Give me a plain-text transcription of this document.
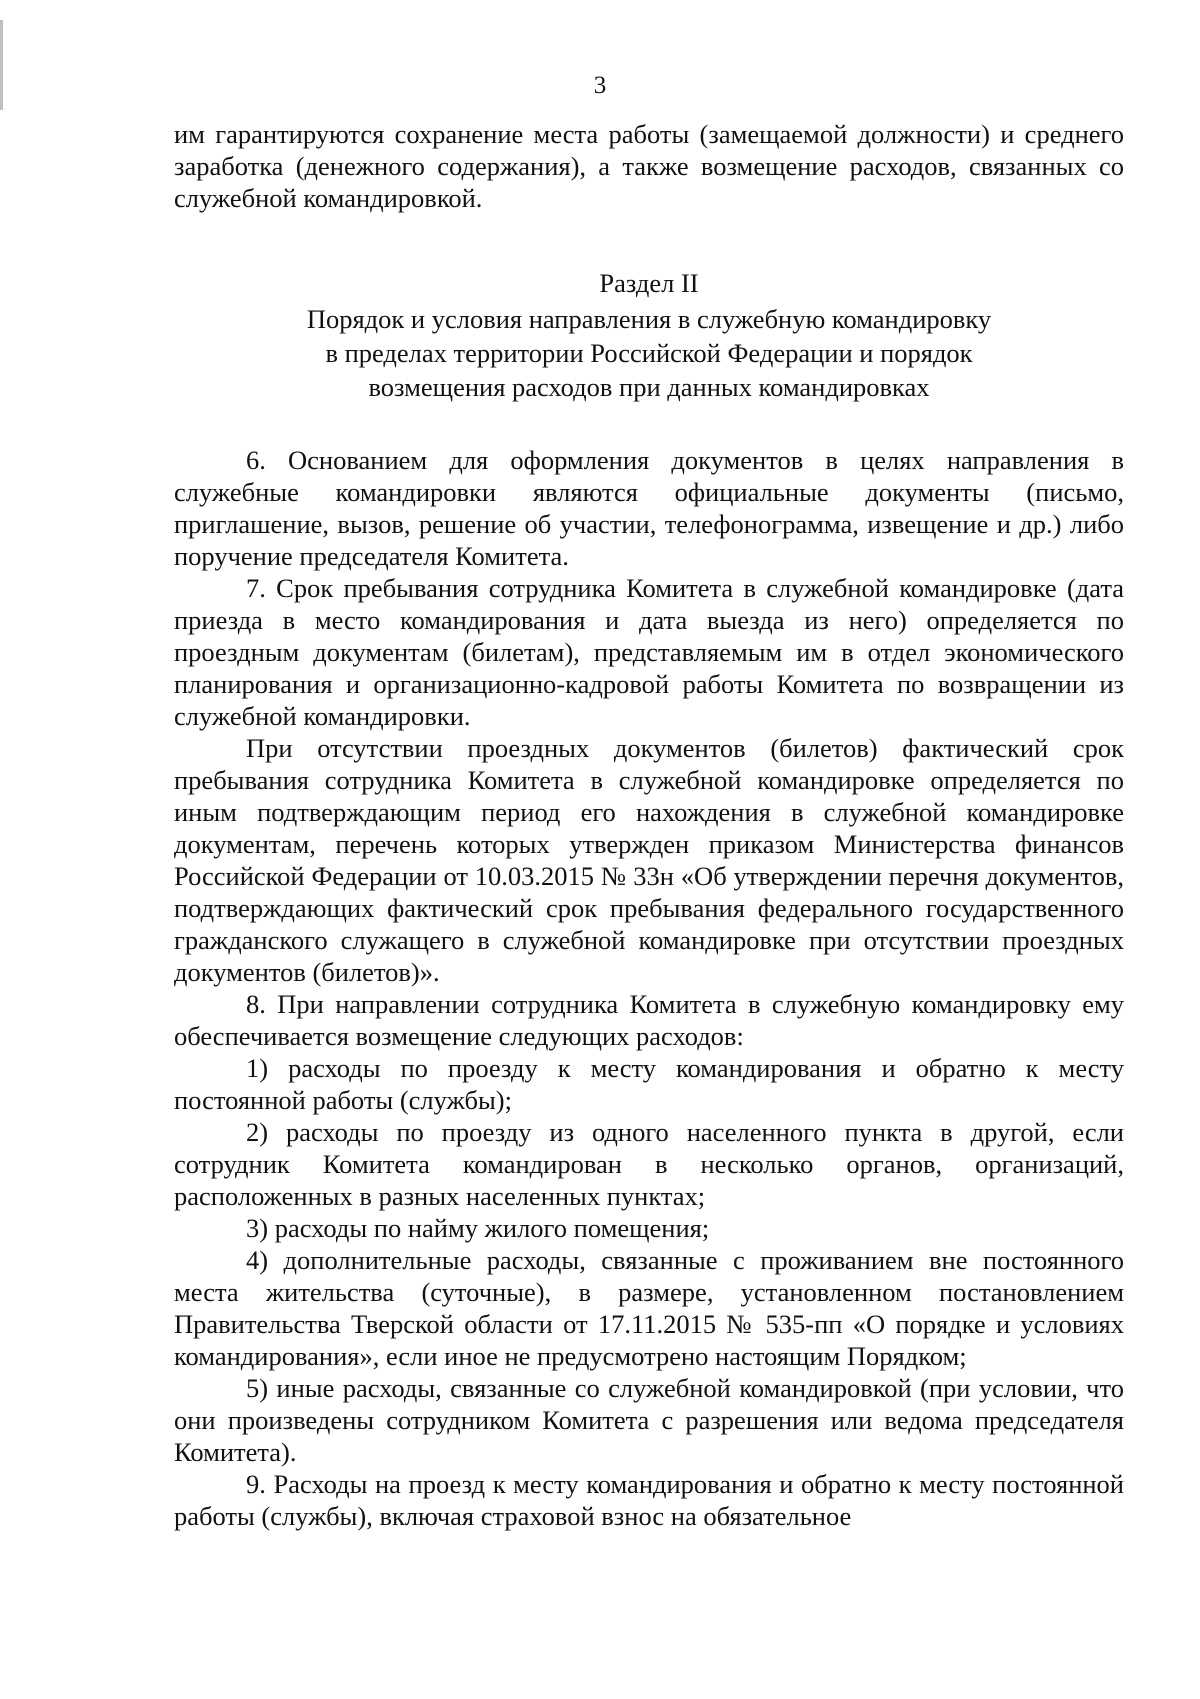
3

им гарантируются сохранение места работы (замещаемой должности) и среднего заработка (денежного содержания), а также возмещение расходов, связанных со служебной командировкой.

Раздел II
Порядок и условия направления в служебную командировку
в пределах территории Российской Федерации и порядок
возмещения расходов при данных командировках

6. Основанием для оформления документов в целях направления в служебные командировки являются официальные документы (письмо, приглашение, вызов, решение об участии, телефонограмма, извещение и др.) либо поручение председателя Комитета.

7. Срок пребывания сотрудника Комитета в служебной командировке (дата приезда в место командирования и дата выезда из него) определяется по проездным документам (билетам), представляемым им в отдел экономического планирования и организационно-кадровой работы Комитета по возвращении из служебной командировки.

При отсутствии проездных документов (билетов) фактический срок пребывания сотрудника Комитета в служебной командировке определяется по иным подтверждающим период его нахождения в служебной командировке документам, перечень которых утвержден приказом Министерства финансов Российской Федерации от 10.03.2015 № 33н «Об утверждении перечня документов, подтверждающих фактический срок пребывания федерального государственного гражданского служащего в служебной командировке при отсутствии проездных документов (билетов)».

8. При направлении сотрудника Комитета в служебную командировку ему обеспечивается возмещение следующих расходов:

1) расходы по проезду к месту командирования и обратно к месту постоянной работы (службы);

2) расходы по проезду из одного населенного пункта в другой, если сотрудник Комитета командирован в несколько органов, организаций, расположенных в разных населенных пунктах;

3) расходы по найму жилого помещения;

4) дополнительные расходы, связанные с проживанием вне постоянного места жительства (суточные), в размере, установленном постановлением Правительства Тверской области от 17.11.2015 № 535-пп «О порядке и условиях командирования», если иное не предусмотрено настоящим Порядком;

5) иные расходы, связанные со служебной командировкой (при условии, что они произведены сотрудником Комитета с разрешения или ведома председателя Комитета).

9. Расходы на проезд к месту командирования и обратно к месту постоянной работы (службы), включая страховой взнос на обязательное
